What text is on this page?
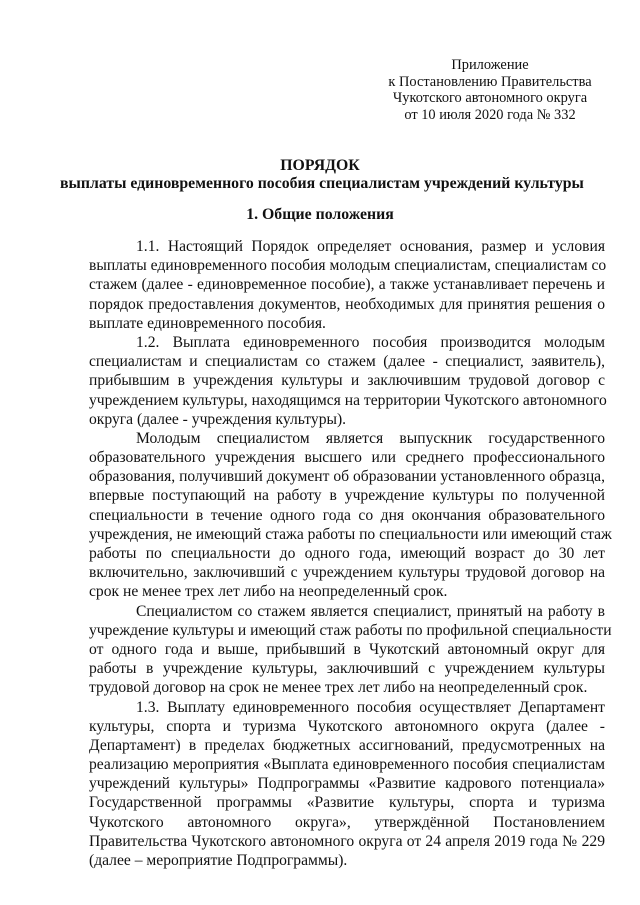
Приложение
к Постановлению Правительства
Чукотского автономного округа
от 10 июля 2020 года № 332
ПОРЯДОК
выплаты единовременного пособия специалистам учреждений культуры
1. Общие положения
1.1. Настоящий Порядок определяет основания, размер и условия
выплаты единовременного пособия молодым специалистам, специалистам со
стажем (далее - единовременное пособие), а также устанавливает перечень и
порядок предоставления документов, необходимых для принятия решения о
выплате единовременного пособия.
1.2. Выплата единовременного пособия производится молодым
специалистам и специалистам со стажем (далее - специалист, заявитель),
прибывшим в учреждения культуры и заключившим трудовой договор с
учреждением культуры, находящимся на территории Чукотского автономного
округа (далее - учреждения культуры).
Молодым специалистом является выпускник государственного
образовательного учреждения высшего или среднего профессионального
образования, получивший документ об образовании установленного образца,
впервые поступающий на работу в учреждение культуры по полученной
специальности в течение одного года со дня окончания образовательного
учреждения, не имеющий стажа работы по специальности или имеющий стаж
работы по специальности до одного года, имеющий возраст до 30 лет
включительно, заключивший с учреждением культуры трудовой договор на
срок не менее трех лет либо на неопределенный срок.
Специалистом со стажем является специалист, принятый на работу в
учреждение культуры и имеющий стаж работы по профильной специальности
от одного года и выше, прибывший в Чукотский автономный округ для
работы в учреждение культуры, заключивший с учреждением культуры
трудовой договор на срок не менее трех лет либо на неопределенный срок.
1.3. Выплату единовременного пособия осуществляет Департамент
культуры, спорта и туризма Чукотского автономного округа (далее -
Департамент) в пределах бюджетных ассигнований, предусмотренных на
реализацию мероприятия «Выплата единовременного пособия специалистам
учреждений культуры» Подпрограммы «Развитие кадрового потенциала»
Государственной программы «Развитие культуры, спорта и туризма
Чукотского автономного округа», утверждённой Постановлением
Правительства Чукотского автономного округа от 24 апреля 2019 года № 229
(далее – мероприятие Подпрограммы).
